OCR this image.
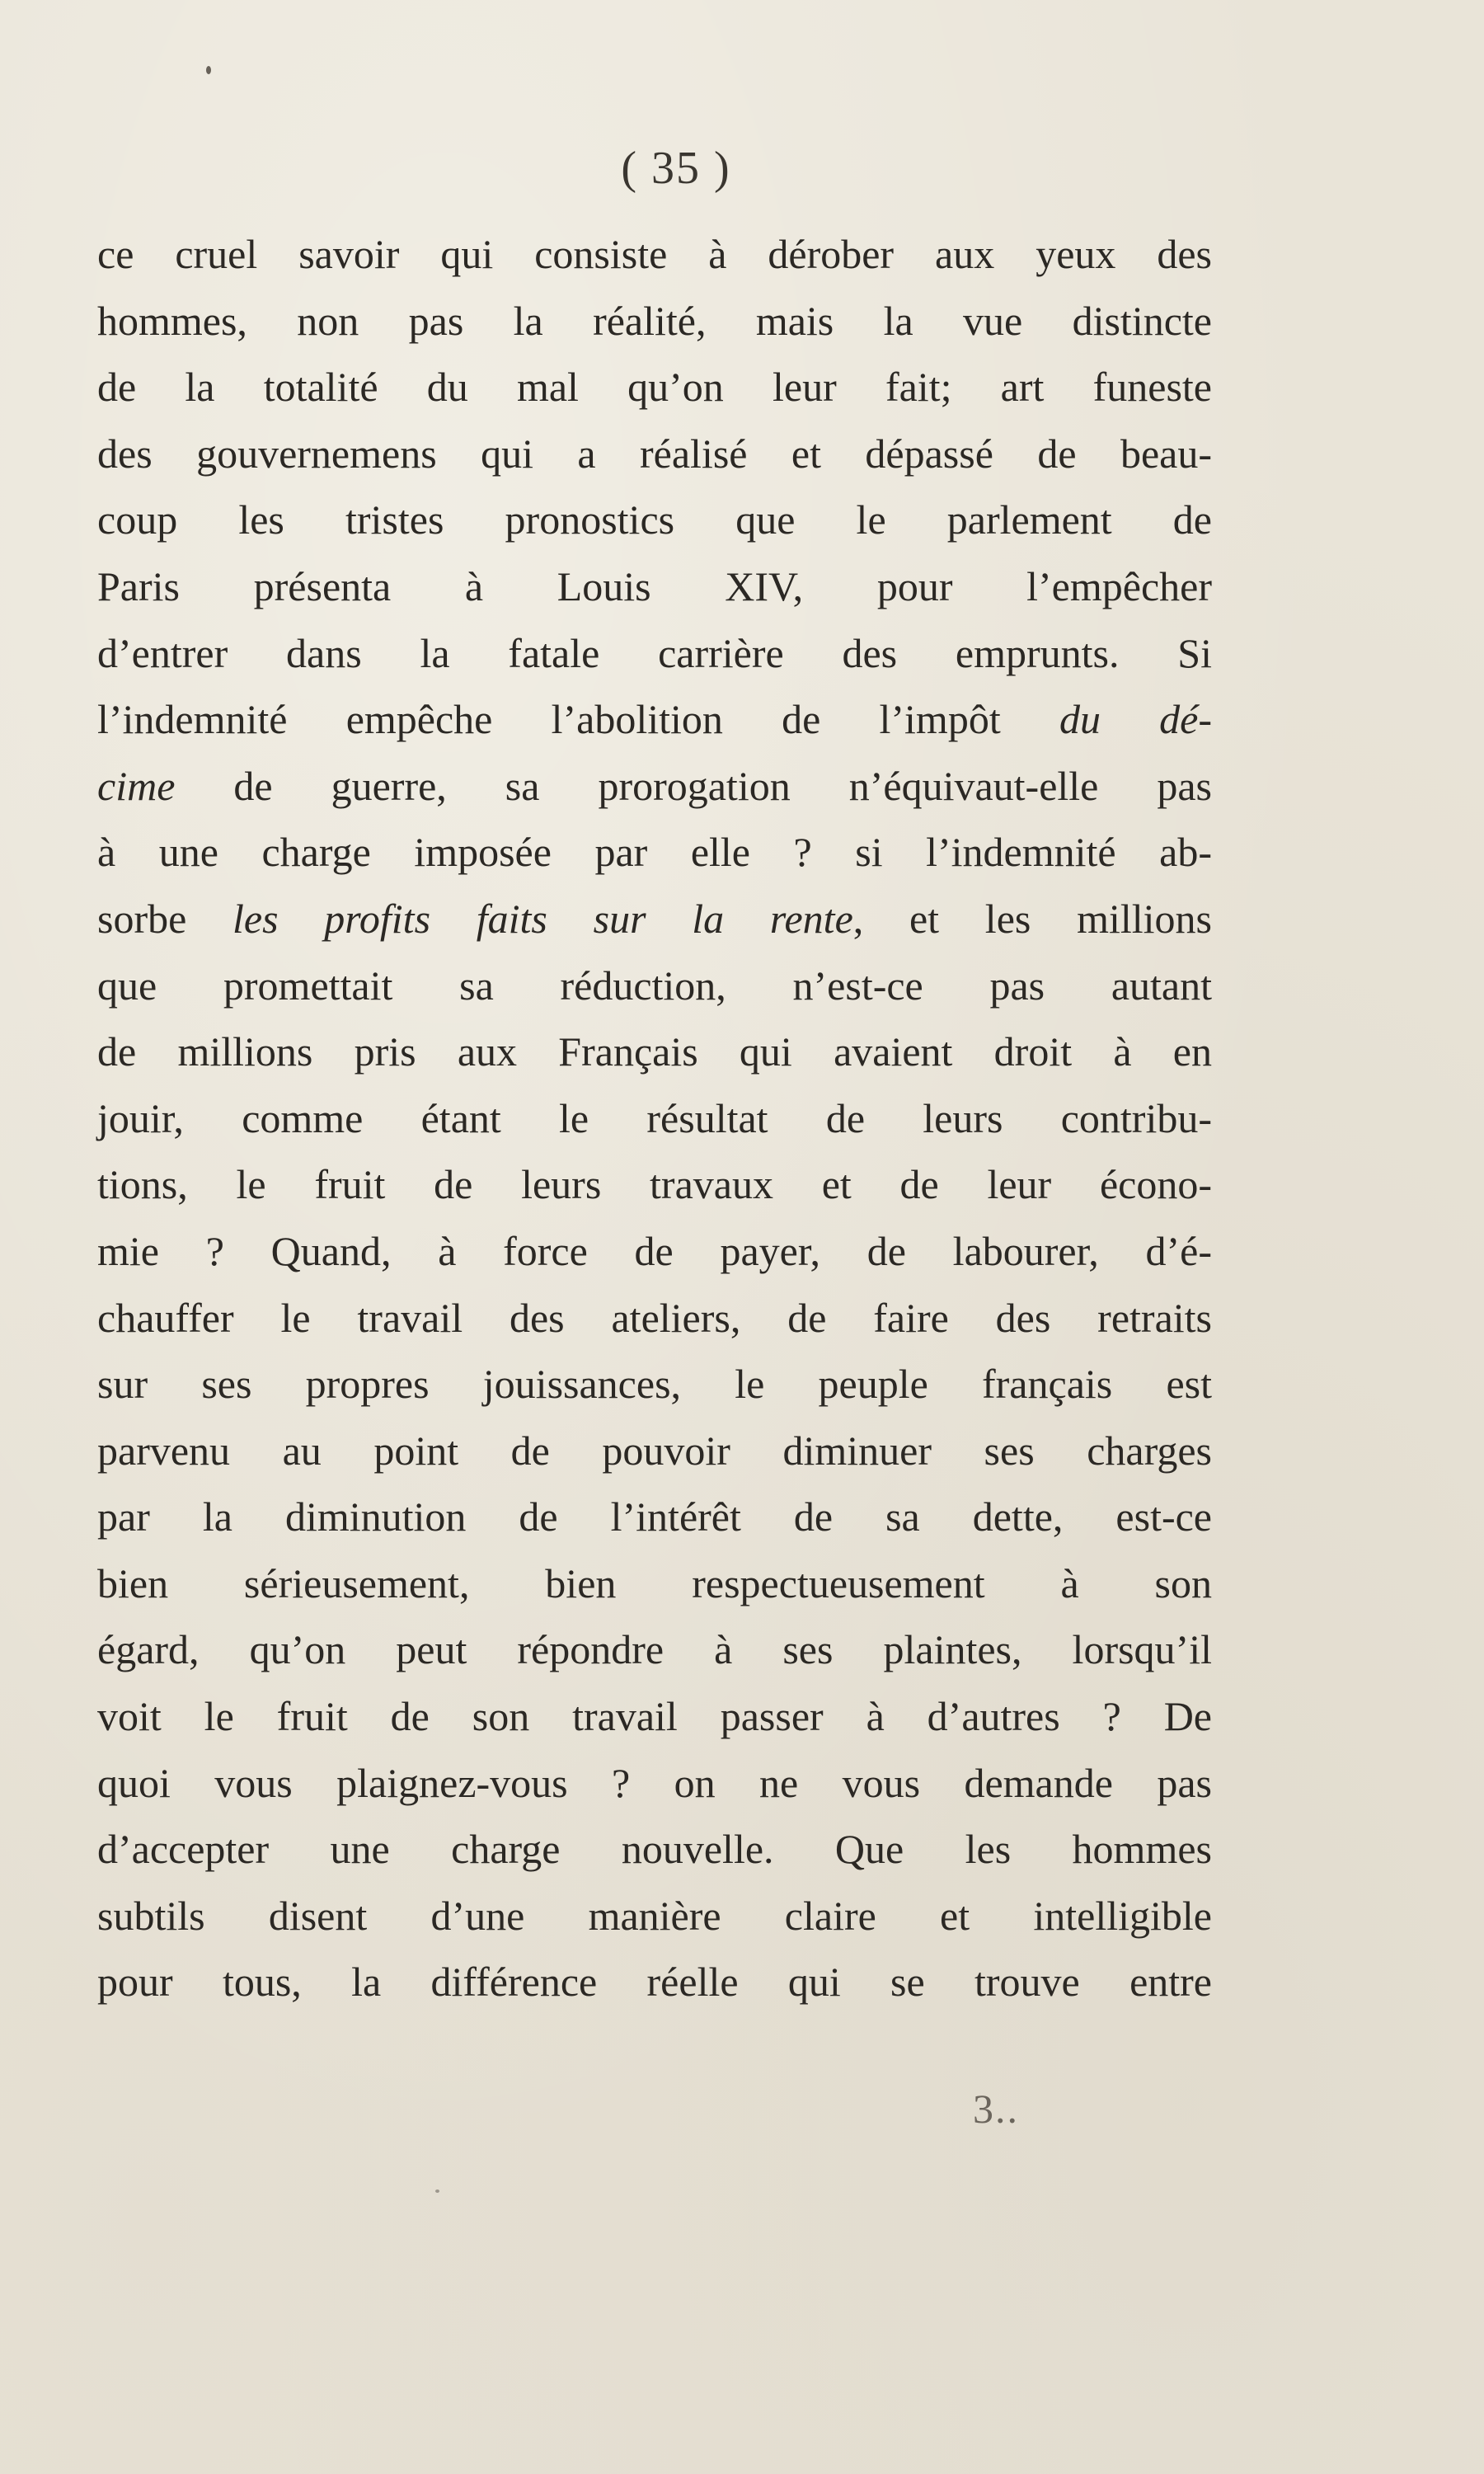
( 35 )
ce cruel savoir qui consiste à dérober aux yeux des
hommes, non pas la réalité, mais la vue distincte
de la totalité du mal qu’on leur fait; art funeste
des gouvernemens qui a réalisé et dépassé de beau-
coup les tristes pronostics que le parlement de
Paris présenta à Louis XIV, pour l’empêcher
d’entrer dans la fatale carrière des emprunts. Si
l’indemnité empêche l’abolition de l’impôt du dé-
cime de guerre, sa prorogation n’équivaut-elle pas
à une charge imposée par elle ? si l’indemnité ab-
sorbe les profits faits sur la rente, et les millions
que promettait sa réduction, n’est-ce pas autant
de millions pris aux Français qui avaient droit à en
jouir, comme étant le résultat de leurs contribu-
tions, le fruit de leurs travaux et de leur écono-
mie ? Quand, à force de payer, de labourer, d’é-
chauffer le travail des ateliers, de faire des retraits
sur ses propres jouissances, le peuple français est
parvenu au point de pouvoir diminuer ses charges
par la diminution de l’intérêt de sa dette, est-ce
bien sérieusement, bien respectueusement à son
égard, qu’on peut répondre à ses plaintes, lorsqu’il
voit le fruit de son travail passer à d’autres ? De
quoi vous plaignez-vous ? on ne vous demande pas
d’accepter une charge nouvelle. Que les hommes
subtils disent d’une manière claire et intelligible
pour tous, la différence réelle qui se trouve entre
3..
